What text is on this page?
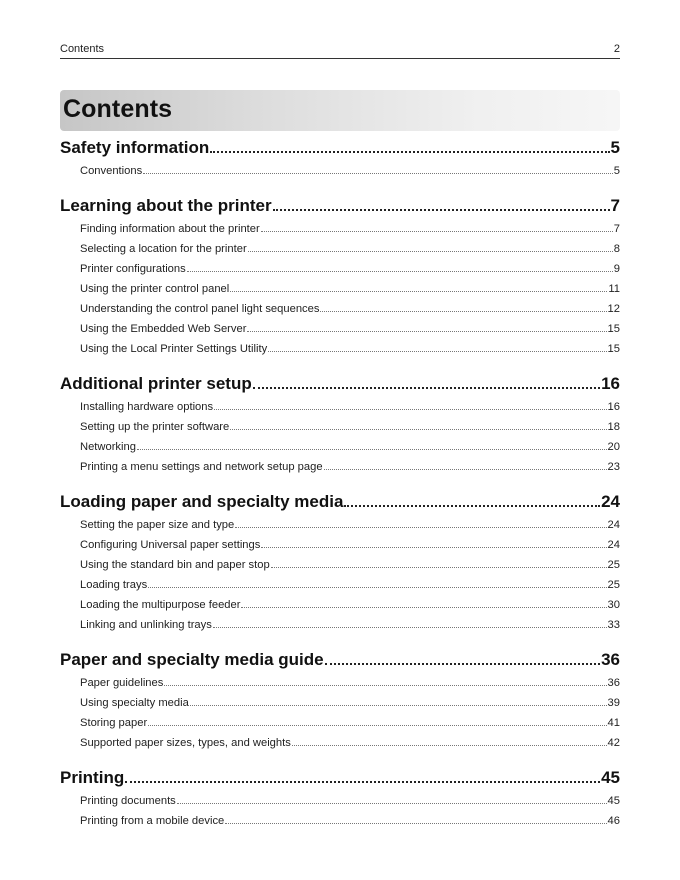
Contents	2
Contents
Safety information	5
Conventions	5
Learning about the printer	7
Finding information about the printer	7
Selecting a location for the printer	8
Printer configurations	9
Using the printer control panel	11
Understanding the control panel light sequences	12
Using the Embedded Web Server	15
Using the Local Printer Settings Utility	15
Additional printer setup	16
Installing hardware options	16
Setting up the printer software	18
Networking	20
Printing a menu settings and network setup page	23
Loading paper and specialty media	24
Setting the paper size and type	24
Configuring Universal paper settings	24
Using the standard bin and paper stop	25
Loading trays	25
Loading the multipurpose feeder	30
Linking and unlinking trays	33
Paper and specialty media guide	36
Paper guidelines	36
Using specialty media	39
Storing paper	41
Supported paper sizes, types, and weights	42
Printing	45
Printing documents	45
Printing from a mobile device	46
